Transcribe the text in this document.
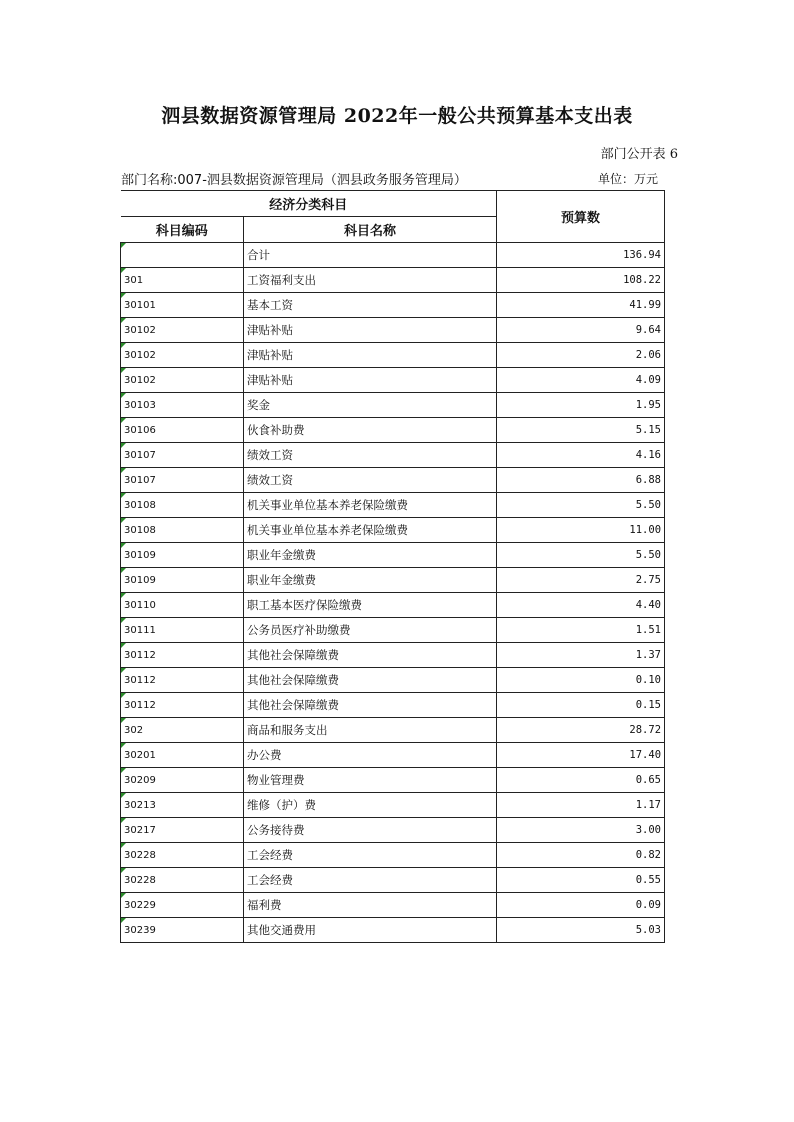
泗县数据资源管理局 2022年一般公共预算基本支出表
部门公开表 6
部门名称:007-泗县数据资源管理局（泗县政务服务管理局）	单位：万元
经济分类科目		预算数
科目编码	科目名称	
	合计	136.94
301	工资福利支出	108.22
30101	基本工资	41.99
30102	津贴补贴	9.64
30102	津贴补贴	2.06
30102	津贴补贴	4.09
30103	奖金	1.95
30106	伙食补助费	5.15
30107	绩效工资	4.16
30107	绩效工资	6.88
30108	机关事业单位基本养老保险缴费	5.50
30108	机关事业单位基本养老保险缴费	11.00
30109	职业年金缴费	5.50
30109	职业年金缴费	2.75
30110	职工基本医疗保险缴费	4.40
30111	公务员医疗补助缴费	1.51
30112	其他社会保障缴费	1.37
30112	其他社会保障缴费	0.10
30112	其他社会保障缴费	0.15
302	商品和服务支出	28.72
30201	办公费	17.40
30209	物业管理费	0.65
30213	维修（护）费	1.17
30217	公务接待费	3.00
30228	工会经费	0.82
30228	工会经费	0.55
30229	福利费	0.09
30239	其他交通费用	5.03
